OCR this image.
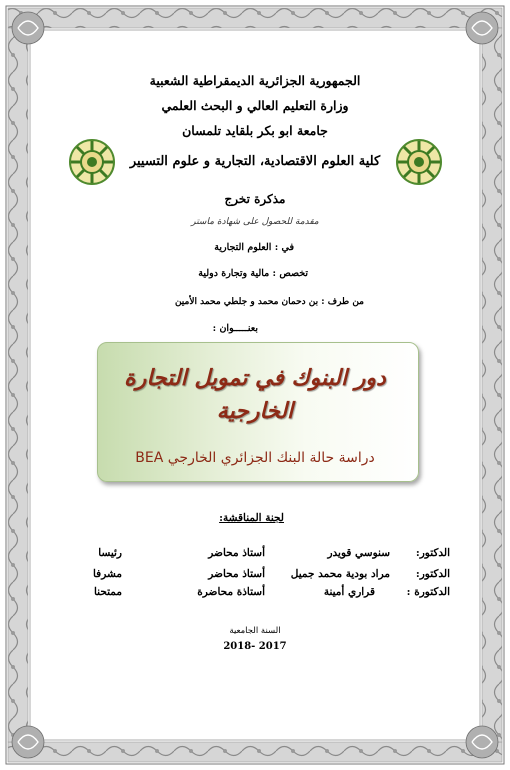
الجمهورية الجزائرية الديمقراطية الشعبية
وزارة التعليم العالي و البحث العلمي
جامعة ابو بكر بلقايد تلمسان
كلية العلوم الاقتصادية، التجارية و علوم التسيير
مذكرة تخرج
مقدمة للحصول على شهادة ماستر
في : العلوم التجارية
تخصص : مالية وتجارة دولية
من طرف : بن دحمان محمد و جلطي محمد الأمين
بعنـــــوان :
دور البنوك في تمويل التجارة
الخارجية
دراسة حالة البنك الجزائري الخارجي BEA
لجنة المناقشة:
الدكتور:
سنوسي قويدر
أستاذ محاضر
رئيسا
الدكتور:
مراد بودية محمد جميل
أستاذ محاضر
مشرفا
الدكتورة :
قراري أمينة
أستاذة محاضرة
ممتحنا
السنة الجامعية
2018- 2017
